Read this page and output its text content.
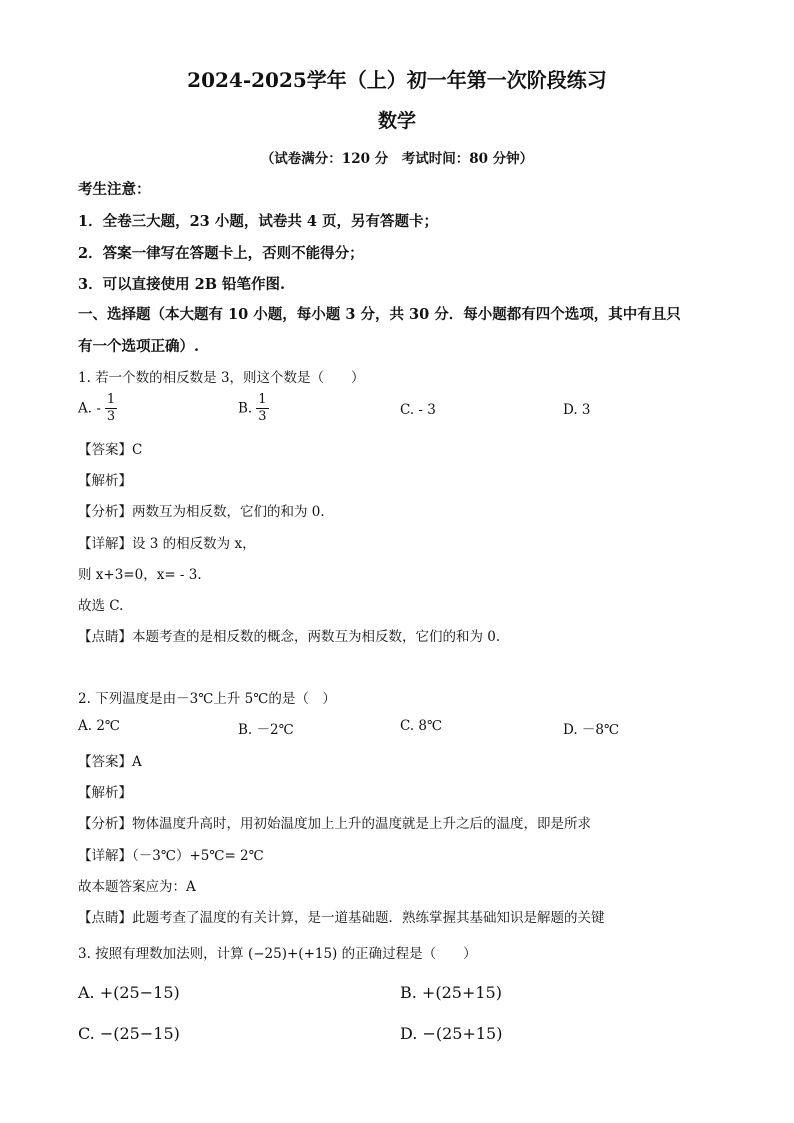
2024-2025学年（上）初一年第一次阶段练习
数学
（试卷满分：120 分　考试时间：80 分钟）
考生注意：
1．全卷三大题，23 小题，试卷共 4 页，另有答题卡；
2．答案一律写在答题卡上，否则不能得分；
3．可以直接使用 2B 铅笔作图.
一、选择题（本大题有 10 小题，每小题 3 分，共 30 分．每小题都有四个选项，其中有且只
有一个选项正确）.
1. 若一个数的相反数是 3，则这个数是（　　）
A. - $\frac{1}{3}$	B. $\frac{1}{3}$	C. - 3	D. 3
【答案】C
【解析】
【分析】两数互为相反数，它们的和为 0.
【详解】设 3 的相反数为 x，
则 x+3=0，x= - 3.
故选 C.
【点睛】本题考查的是相反数的概念，两数互为相反数，它们的和为 0.
2. 下列温度是由－3℃上升 5℃的是（　）
A. 2℃	B. －2℃	C. 8℃	D. －8℃
【答案】A
【解析】
【分析】物体温度升高时，用初始温度加上上升的温度就是上升之后的温度，即是所求
【详解】（－3℃）+5℃= 2℃
故本题答案应为：A
【点睛】此题考查了温度的有关计算，是一道基础题．熟练掌握其基础知识是解题的关键
3. 按照有理数加法则，计算 (−25)+(+15) 的正确过程是（　　）
A. +(25−15)	B. +(25+15)
C. −(25−15)	D. −(25+15)
